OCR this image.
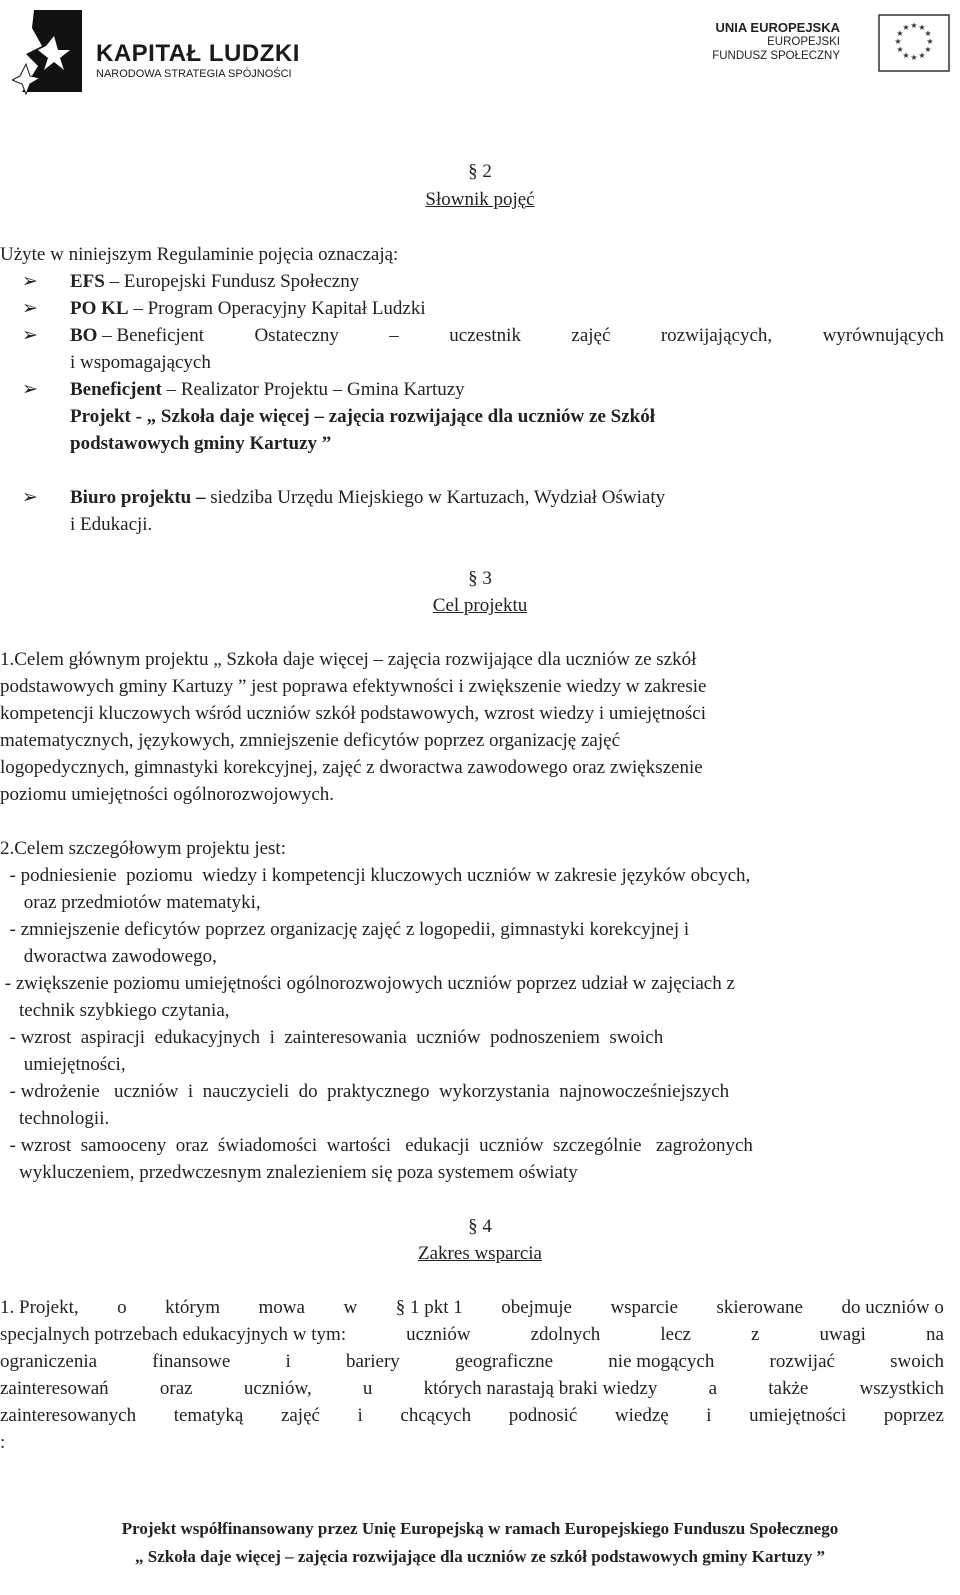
KAPITAŁ LUDZKI
NARODOWA STRATEGIA SPÓJNOŚCI
UNIA EUROPEJSKA
EUROPEJSKI
FUNDUSZ SPOŁECZNY
★ ★
★
★
★
★
★
★
★
★
★
★
§ 2
Słownik pojęć
Użyte w niniejszym Regulaminie pojęcia oznaczają:
➢ EFS – Europejski Fundusz Społeczny
➢ PO KL – Program Operacyjny Kapitał Ludzki
➢	BO – Beneficjent	Ostateczny	–	uczestnik	zajęć	rozwijających,	wyrównujących
i wspomagających
➢ Beneficjent – Realizator Projektu – Gmina Kartuzy
Projekt - „ Szkoła daje więcej – zajęcia rozwijające dla uczniów ze Szkół
podstawowych gminy Kartuzy ”
➢ Biuro projektu – siedziba Urzędu Miejskiego w Kartuzach, Wydział Oświaty
i Edukacji.
§ 3
Cel projektu
1.Celem głównym projektu „ Szkoła daje więcej – zajęcia rozwijające dla uczniów ze szkół
podstawowych gminy Kartuzy ” jest poprawa efektywności i zwiększenie wiedzy w zakresie
kompetencji kluczowych wśród uczniów szkół podstawowych, wzrost wiedzy i umiejętności
matematycznych, językowych, zmniejszenie deficytów poprzez organizację zajęć
logopedycznych, gimnastyki korekcyjnej, zajęć z dworactwa zawodowego oraz zwiększenie
poziomu umiejętności ogólnorozwojowych.
2.Celem szczegółowym projektu jest:

- podniesienie  poziomu  wiedzy i kompetencji kluczowych uczniów w zakresie języków obcych,

oraz przedmiotów matematyki,

- zmniejszenie deficytów poprzez organizację zajęć z logopedii, gimnastyki korekcyjnej i

dworactwa zawodowego,

- zwiększenie poziomu umiejętności ogólnorozwojowych uczniów poprzez udział w zajęciach z

technik szybkiego czytania,

- wzrost  aspiracji  edukacyjnych  i  zainteresowania  uczniów  podnoszeniem  swoich

umiejętności,

- wdrożenie   uczniów  i  nauczycieli  do  praktycznego  wykorzystania  najnowocześniejszych

technologii.

- wzrost  samooceny  oraz  świadomości  wartości   edukacji  uczniów  szczególnie   zagrożonych

wykluczeniem, przedwczesnym znalezieniem się poza systemem oświaty

§ 4
Zakres wsparcia
1. Projekt, o którym mowa w § 1 pkt 1 obejmuje wsparcie skierowane do uczniów o
specjalnych potrzebach edukacyjnych w tym:	uczniów	zdolnych	lecz	z	uwagi	na
ograniczenia	finansowe	i	bariery	geograficzne	nie mogących	rozwijać	swoich
zainteresowań	oraz	uczniów,	u	których narastają braki wiedzy	a	także	wszystkich
zainteresowanych tematyką zajęć i chcących podnosić wiedzę i umiejętności poprzez
:
Projekt współfinansowany przez Unię Europejską w ramach Europejskiego Funduszu Społecznego
„ Szkoła daje więcej – zajęcia rozwijające dla uczniów ze szkół podstawowych gminy Kartuzy ”
